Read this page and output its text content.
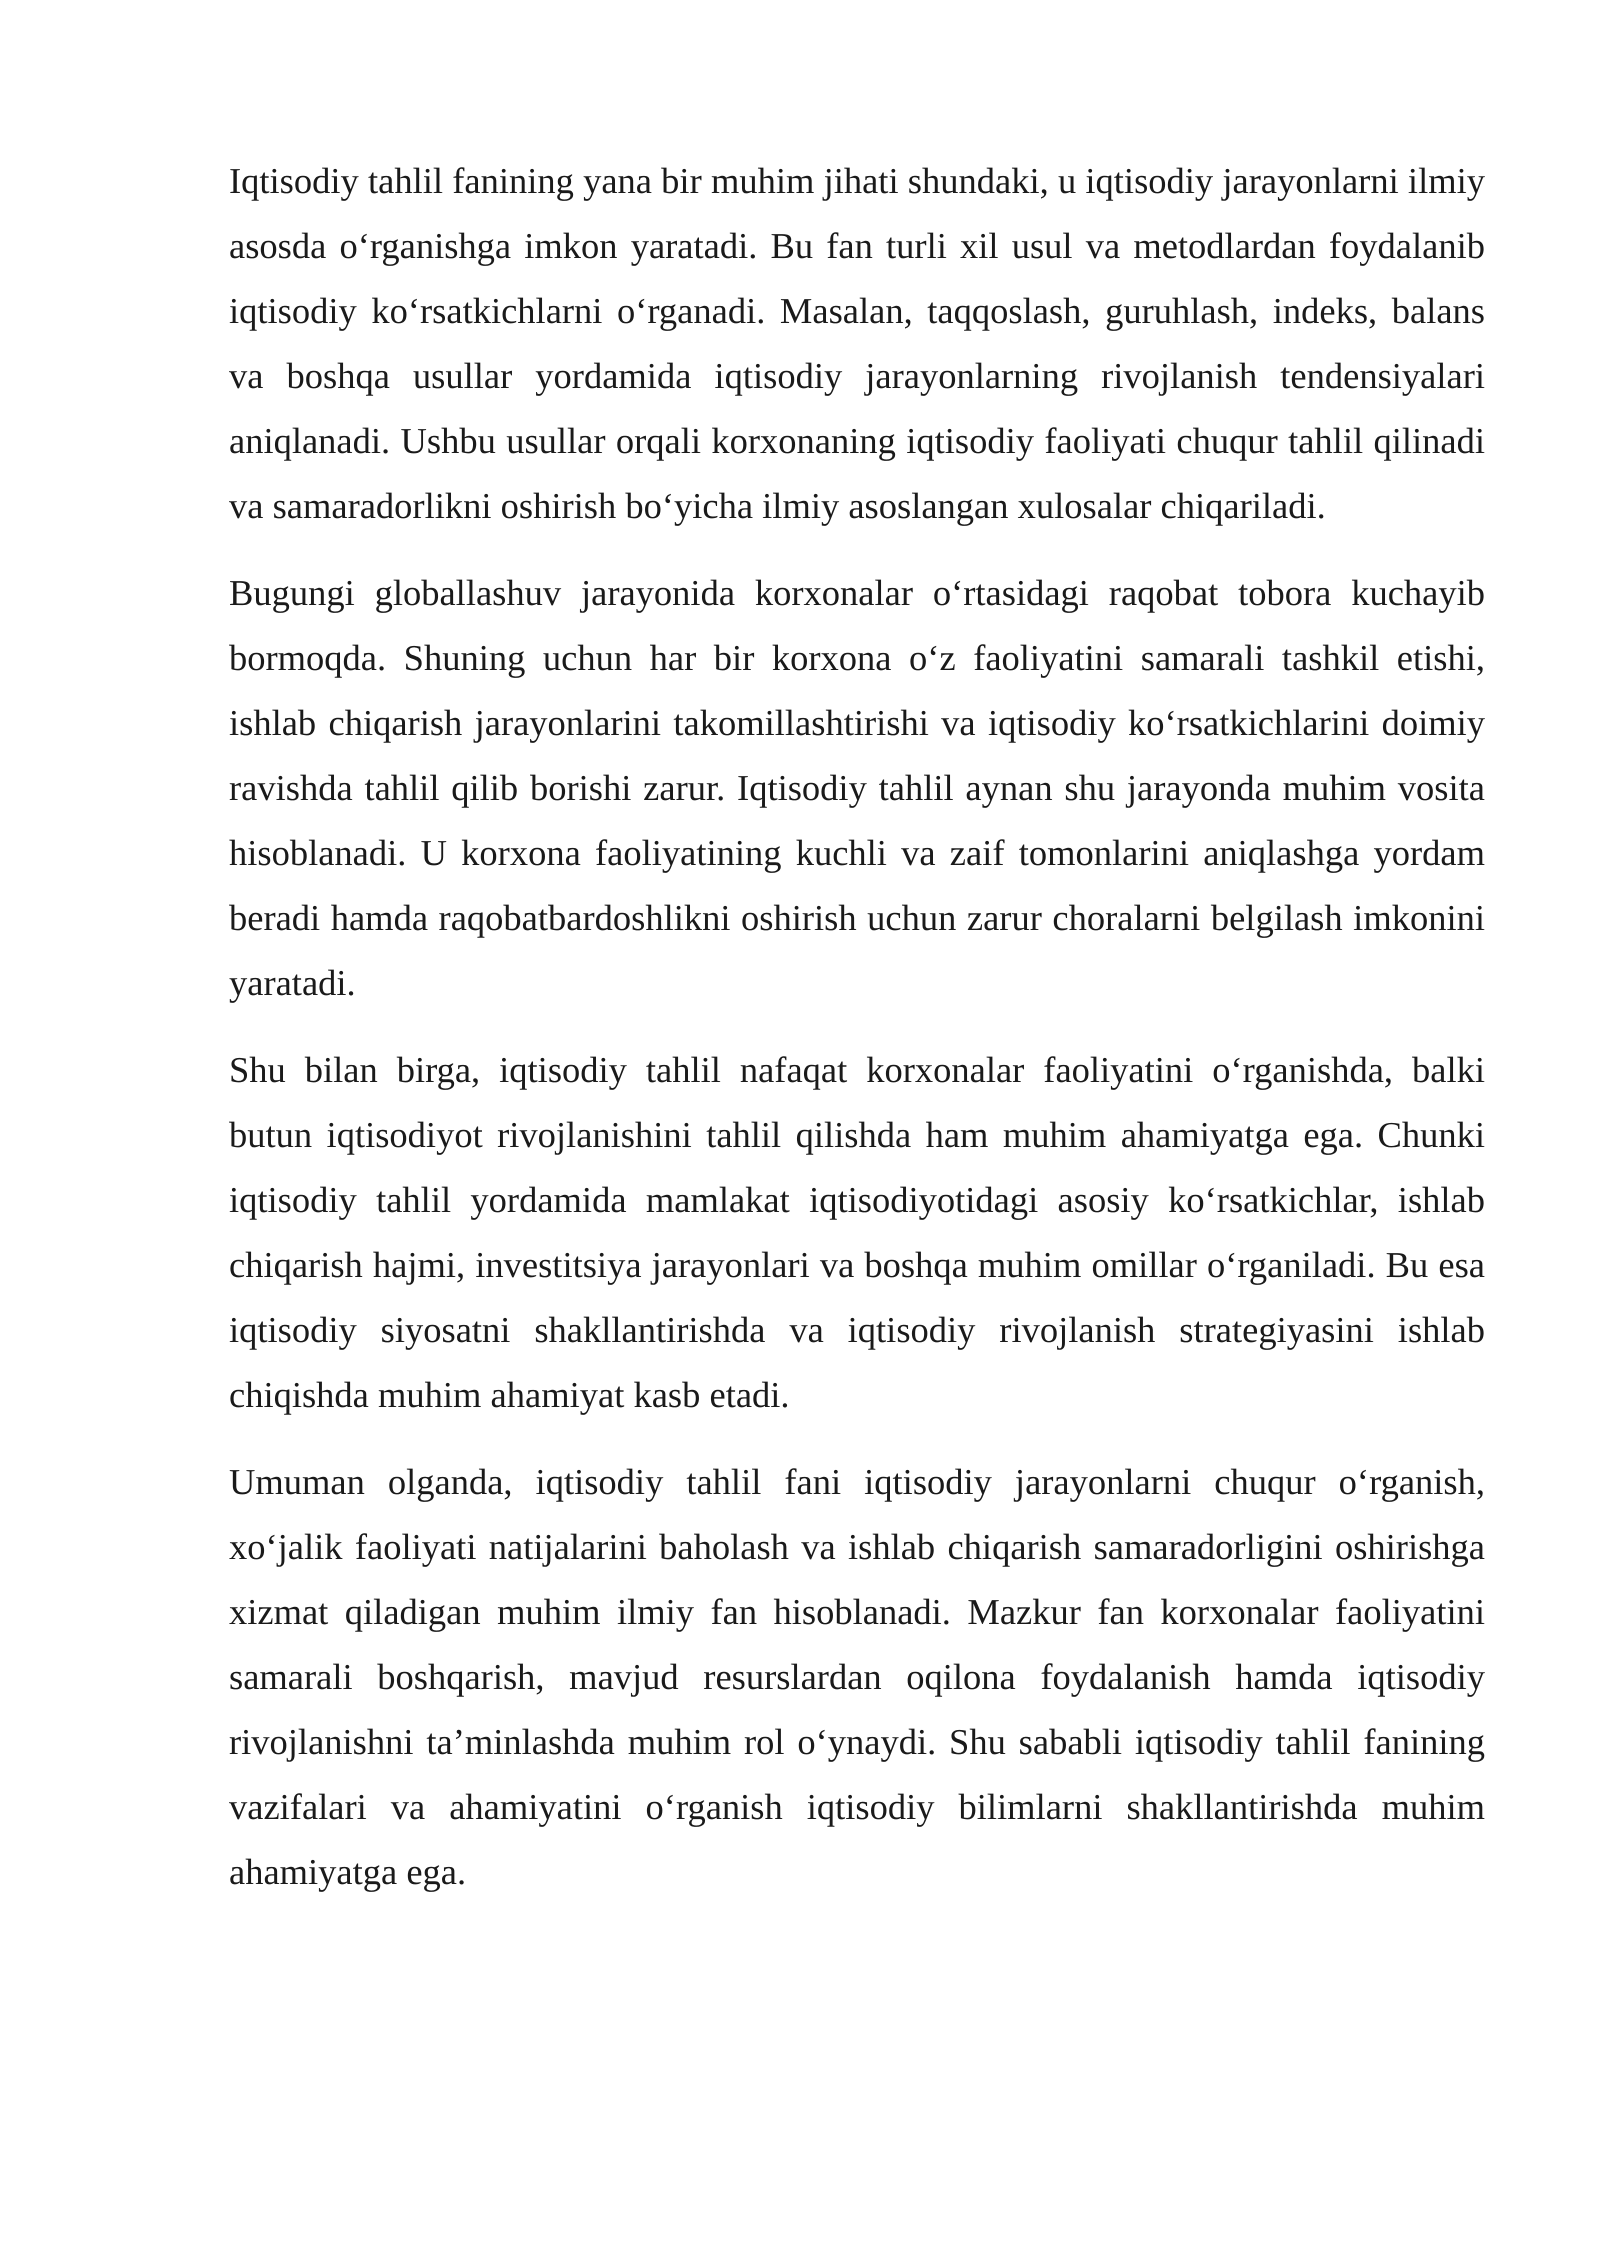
Iqtisodiy tahlil fanining yana bir muhim jihati shundaki, u iqtisodiy jarayonlarni ilmiy asosda o‘rganishga imkon yaratadi. Bu fan turli xil usul va metodlardan foydalanib iqtisodiy ko‘rsatkichlarni o‘rganadi. Masalan, taqqoslash, guruhlash, indeks, balans va boshqa usullar yordamida iqtisodiy jarayonlarning rivojlanish tendensiyalari aniqlanadi. Ushbu usullar orqali korxonaning iqtisodiy faoliyati chuqur tahlil qilinadi va samaradorlikni oshirish bo‘yicha ilmiy asoslangan xulosalar chiqariladi.

Bugungi globallashuv jarayonida korxonalar o‘rtasidagi raqobat tobora kuchayib bormoqda. Shuning uchun har bir korxona o‘z faoliyatini samarali tashkil etishi, ishlab chiqarish jarayonlarini takomillashtirishi va iqtisodiy ko‘rsatkichlarini doimiy ravishda tahlil qilib borishi zarur. Iqtisodiy tahlil aynan shu jarayonda muhim vosita hisoblanadi. U korxona faoliyatining kuchli va zaif tomonlarini aniqlashga yordam beradi hamda raqobatbardoshlikni oshirish uchun zarur choralarni belgilash imkonini yaratadi.

Shu bilan birga, iqtisodiy tahlil nafaqat korxonalar faoliyatini o‘rganishda, balki butun iqtisodiyot rivojlanishini tahlil qilishda ham muhim ahamiyatga ega. Chunki iqtisodiy tahlil yordamida mamlakat iqtisodiyotidagi asosiy ko‘rsatkichlar, ishlab chiqarish hajmi, investitsiya jarayonlari va boshqa muhim omillar o‘rganiladi. Bu esa iqtisodiy siyosatni shakllantirishda va iqtisodiy rivojlanish strategiyasini ishlab chiqishda muhim ahamiyat kasb etadi.

Umuman olganda, iqtisodiy tahlil fani iqtisodiy jarayonlarni chuqur o‘rganish, xo‘jalik faoliyati natijalarini baholash va ishlab chiqarish samaradorligini oshirishga xizmat qiladigan muhim ilmiy fan hisoblanadi. Mazkur fan korxonalar faoliyatini samarali boshqarish, mavjud resurslardan oqilona foydalanish hamda iqtisodiy rivojlanishni ta’minlashda muhim rol o‘ynaydi. Shu sababli iqtisodiy tahlil fanining vazifalari va ahamiyatini o‘rganish iqtisodiy bilimlarni shakllantirishda muhim ahamiyatga ega.
